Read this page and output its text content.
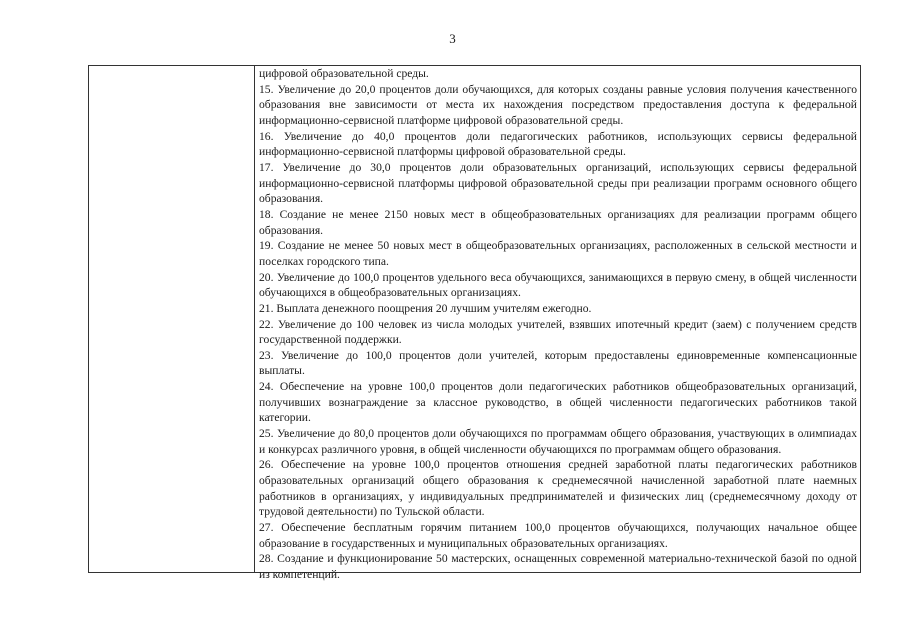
3

цифровой образовательной среды.

15. Увеличение до 20,0 процентов доли обучающихся, для которых созданы равные условия получения качественного образования вне зависимости от места их нахождения посредством предоставления доступа к федеральной информационно-сервисной платформе цифровой образовательной среды.

16. Увеличение до 40,0 процентов доли педагогических работников, использующих сервисы федеральной информационно-сервисной платформы цифровой образовательной среды.

17. Увеличение до 30,0 процентов доли образовательных организаций, использующих сервисы федеральной информационно-сервисной платформы цифровой образовательной среды при реализации программ основного общего образования.

18. Создание не менее 2150 новых мест в общеобразовательных организациях для реализации программ общего образования.

19. Создание не менее 50 новых мест в общеобразовательных организациях, расположенных в сельской местности и поселках городского типа.

20. Увеличение до 100,0 процентов удельного веса обучающихся, занимающихся в первую смену, в общей численности обучающихся в общеобразовательных организациях.

21. Выплата денежного поощрения 20 лучшим учителям ежегодно.

22. Увеличение до 100 человек из числа молодых учителей, взявших ипотечный кредит (заем) с получением средств государственной поддержки.

23. Увеличение до 100,0 процентов доли учителей, которым предоставлены единовременные компенсационные выплаты.

24. Обеспечение на уровне 100,0 процентов доли педагогических работников общеобразовательных организаций, получивших вознаграждение за классное руководство, в общей численности педагогических работников такой категории.

25. Увеличение до 80,0 процентов доли обучающихся по программам общего образования, участвующих в олимпиадах и конкурсах различного уровня, в общей численности обучающихся по программам общего образования.

26. Обеспечение на уровне 100,0 процентов отношения средней заработной платы педагогических работников образовательных организаций общего образования к среднемесячной начисленной заработной плате наемных работников в организациях, у индивидуальных предпринимателей и физических лиц (среднемесячному доходу от трудовой деятельности) по Тульской области.

27. Обеспечение бесплатным горячим питанием 100,0 процентов обучающихся, получающих начальное общее образование в государственных и муниципальных образовательных организациях.

28. Создание и функционирование 50 мастерских, оснащенных современной материально-технической базой по одной из компетенций.
